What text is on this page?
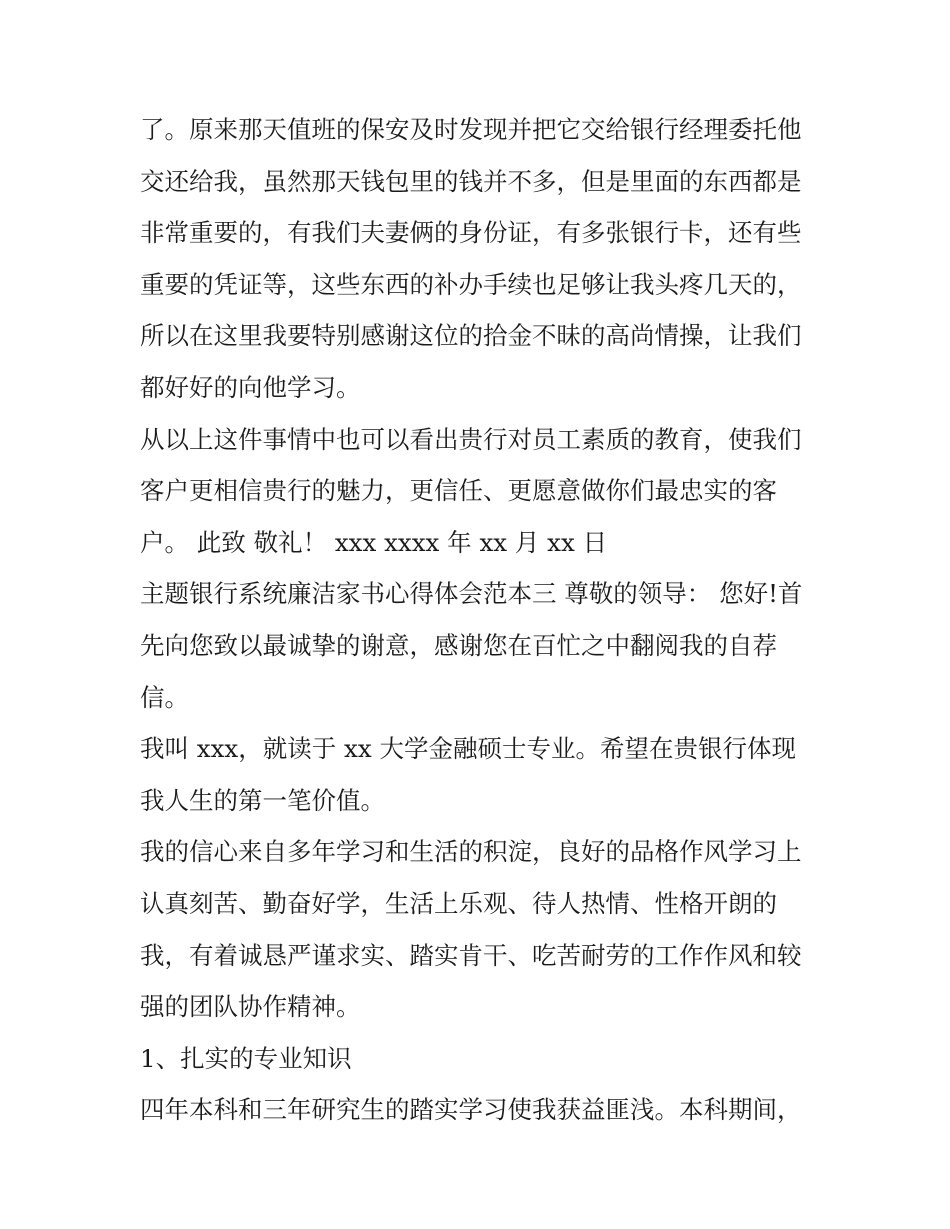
了。原来那天值班的保安及时发现并把它交给银行经理委托他
交还给我，虽然那天钱包里的钱并不多，但是里面的东西都是
非常重要的，有我们夫妻俩的身份证，有多张银行卡，还有些
重要的凭证等，这些东西的补办手续也足够让我头疼几天的，
所以在这里我要特别感谢这位的拾金不昧的高尚情操，让我们
都好好的向他学习。
从以上这件事情中也可以看出贵行对员工素质的教育，使我们
客户更相信贵行的魅力，更信任、更愿意做你们最忠实的客
户。 此致 敬礼！ xxx xxxx 年 xx 月 xx 日
主题银行系统廉洁家书心得体会范本三 尊敬的领导： 您好!首
先向您致以最诚挚的谢意，感谢您在百忙之中翻阅我的自荐
信。
我叫 xxx，就读于 xx 大学金融硕士专业。希望在贵银行体现
我人生的第一笔价值。
我的信心来自多年学习和生活的积淀，良好的品格作风学习上
认真刻苦、勤奋好学，生活上乐观、待人热情、性格开朗的
我，有着诚恳严谨求实、踏实肯干、吃苦耐劳的工作作风和较
强的团队协作精神。
1、扎实的专业知识
四年本科和三年研究生的踏实学习使我获益匪浅。本科期间，
